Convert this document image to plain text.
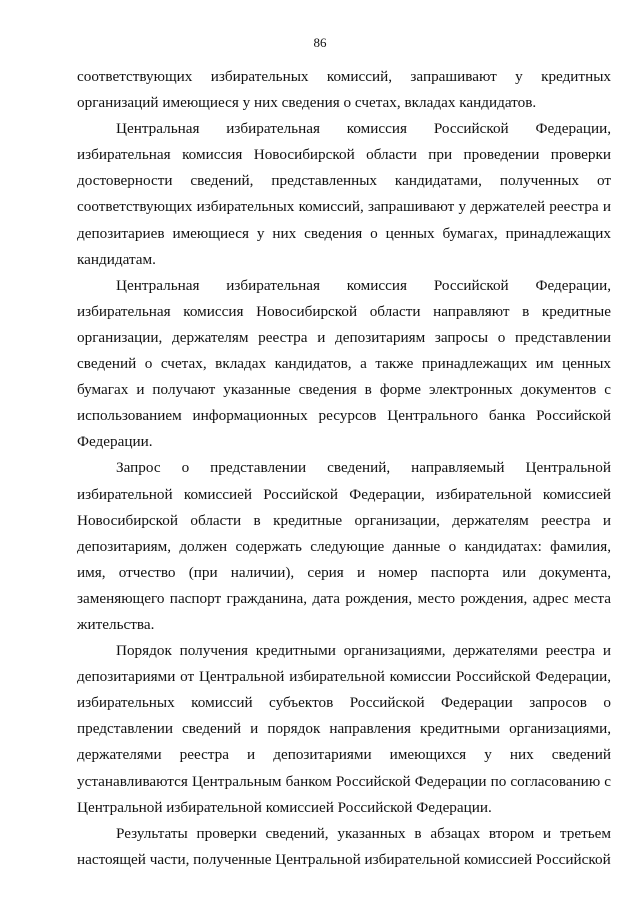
86

соответствующих избирательных комиссий, запрашивают у кредитных организаций имеющиеся у них сведения о счетах, вкладах кандидатов.

Центральная избирательная комиссия Российской Федерации, избирательная комиссия Новосибирской области при проведении проверки достоверности сведений, представленных кандидатами, полученных от соответствующих избирательных комиссий, запрашивают у держателей реестра и депозитариев имеющиеся у них сведения о ценных бумагах, принадлежащих кандидатам.

Центральная избирательная комиссия Российской Федерации, избирательная комиссия Новосибирской области направляют в кредитные организации, держателям реестра и депозитариям запросы о представлении сведений о счетах, вкладах кандидатов, а также принадлежащих им ценных бумагах и получают указанные сведения в форме электронных документов с использованием информационных ресурсов Центрального банка Российской Федерации.

Запрос о представлении сведений, направляемый Центральной избирательной комиссией Российской Федерации, избирательной комиссией Новосибирской области в кредитные организации, держателям реестра и депозитариям, должен содержать следующие данные о кандидатах: фамилия, имя, отчество (при наличии), серия и номер паспорта или документа, заменяющего паспорт гражданина, дата рождения, место рождения, адрес места жительства.

Порядок получения кредитными организациями, держателями реестра и депозитариями от Центральной избирательной комиссии Российской Федерации, избирательных комиссий субъектов Российской Федерации запросов о представлении сведений и порядок направления кредитными организациями, держателями реестра и депозитариями имеющихся у них сведений устанавливаются Центральным банком Российской Федерации по согласованию с Центральной избирательной комиссией Российской Федерации.

Результаты проверки сведений, указанных в абзацах втором и третьем настоящей части, полученные Центральной избирательной комиссией Российской
